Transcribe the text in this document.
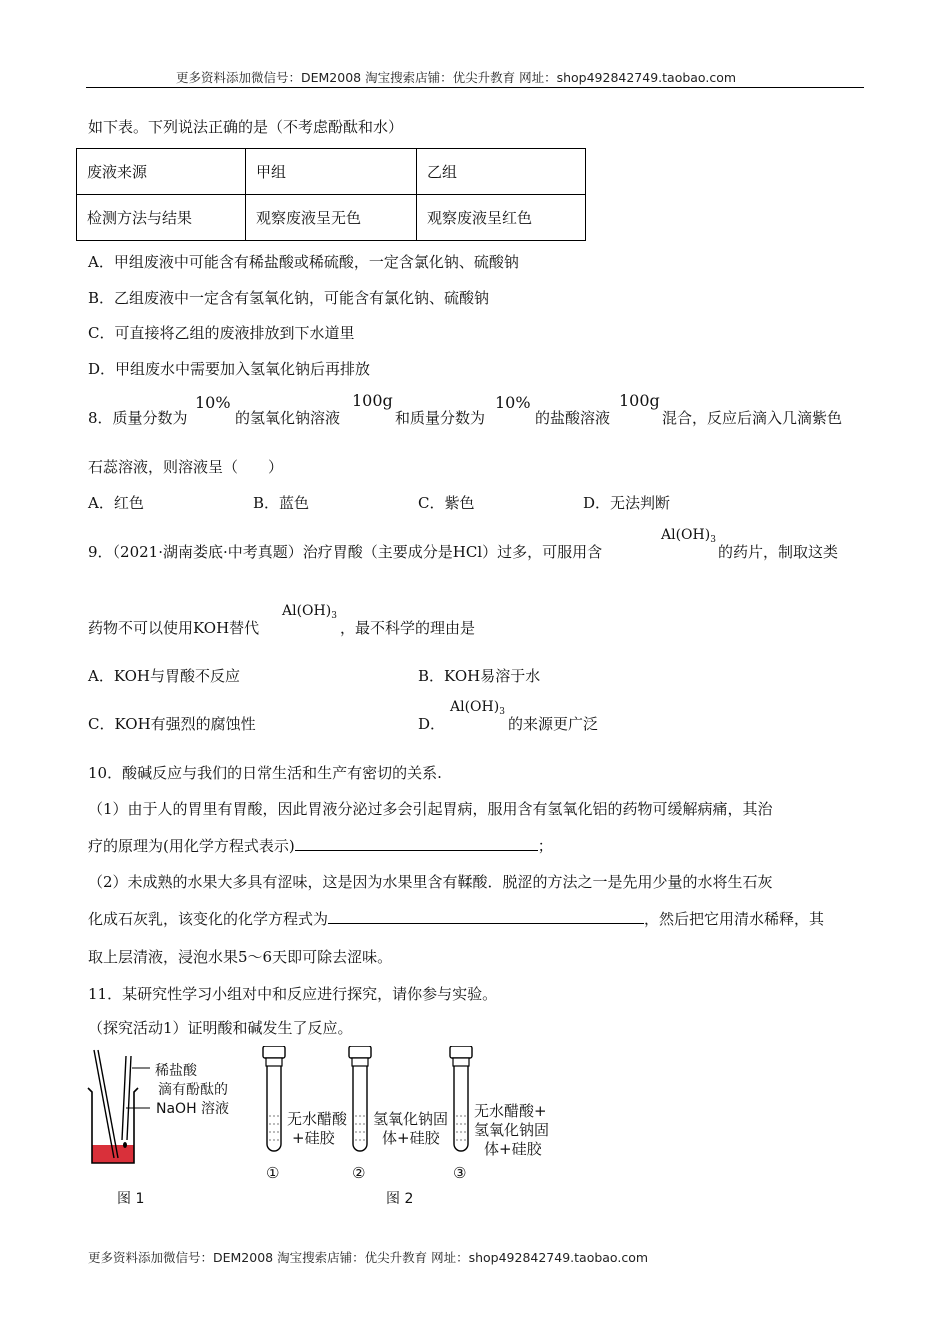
更多资料添加微信号：DEM2008 淘宝搜索店铺：优尖升教育 网址：shop492842749.taobao.com
如下表。下列说法正确的是（不考虑酚酞和水）
废液来源	甲组	乙组
检测方法与结果	观察废液呈无色	观察废液呈红色
A．甲组废液中可能含有稀盐酸或稀硫酸，一定含氯化钠、硫酸钠
B．乙组废液中一定含有氢氧化钠，可能含有氯化钠、硫酸钠
C．可直接将乙组的废液排放到下水道里
D．甲组废水中需要加入氢氧化钠后再排放
8．质量分数为
10%
的氢氧化钠溶液
100g
和质量分数为
10%
的盐酸溶液
100g
混合，反应后滴入几滴紫色
石蕊溶液，则溶液呈（　　）
A．红色	B．蓝色	C．紫色	D．无法判断
9．（2021·湖南娄底·中考真题）治疗胃酸（主要成分是HCl）过多，可服用含
$Al(OH)_3$
的药片，制取这类
药物不可以使用KOH替代
$Al(OH)_3$
，最不科学的理由是
A．KOH与胃酸不反应	B．KOH易溶于水
C．KOH有强烈的腐蚀性	D．
$Al(OH)_3$
的来源更广泛
10．酸碱反应与我们的日常生活和生产有密切的关系.
（1）由于人的胃里有胃酸，因此胃液分泌过多会引起胃病，服用含有氢氧化铝的药物可缓解病痛，其治
疗的原理为(用化学方程式表示)	；
（2）未成熟的水果大多具有涩味，这是因为水果里含有鞣酸．脱涩的方法之一是先用少量的水将生石灰
化成石灰乳，该变化的化学方程式为	，然后把它用清水稀释，其
取上层清液，浸泡水果5～6天即可除去涩味。
11．某研究性学习小组对中和反应进行探究，请你参与实验。
（探究活动1）证明酸和碱发生了反应。
稀盐酸
滴有酚酞的
NaOH 溶液
图 1
无水醋酸
+硅胶
氢氧化钠固
体+硅胶
无水醋酸+
氢氧化钠固
体+硅胶
①	②	③
图 2
更多资料添加微信号：DEM2008 淘宝搜索店铺：优尖升教育 网址：shop492842749.taobao.com
